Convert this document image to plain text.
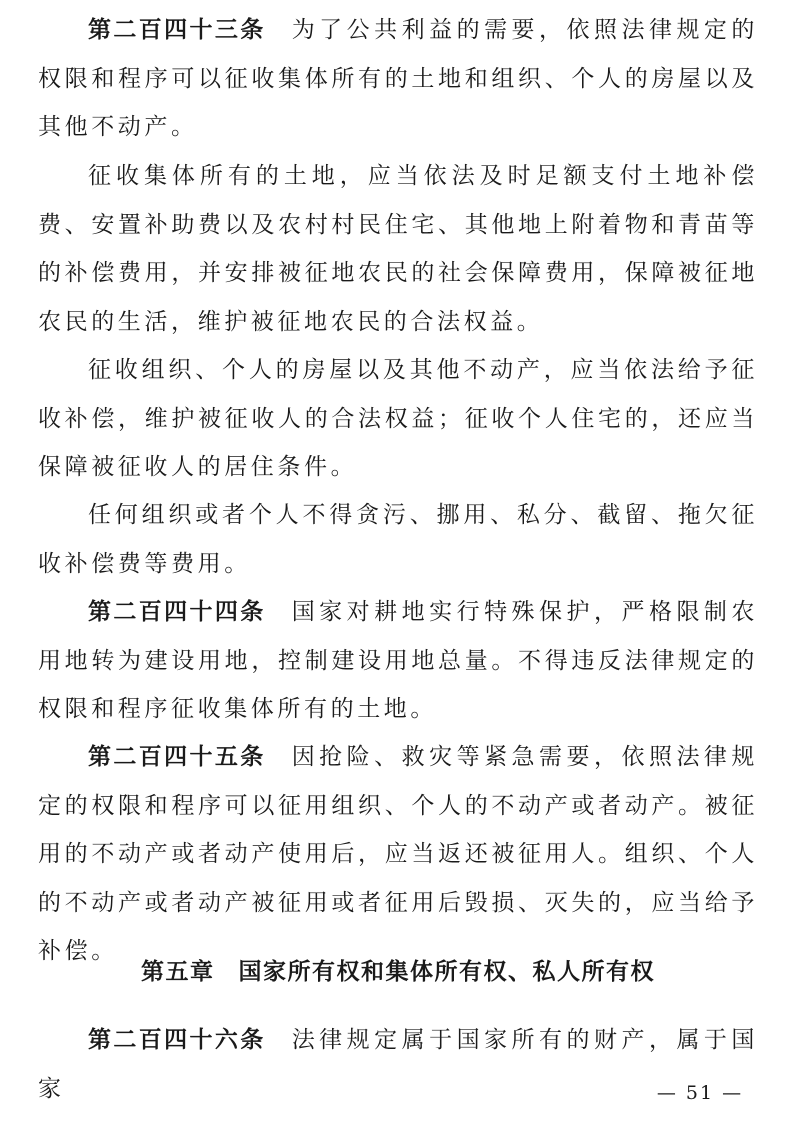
第二百四十三条 为了公共利益的需要，依照法律规定的权限和程序可以征收集体所有的土地和组织、个人的房屋以及其他不动产。

征收集体所有的土地，应当依法及时足额支付土地补偿费、安置补助费以及农村村民住宅、其他地上附着物和青苗等的补偿费用，并安排被征地农民的社会保障费用，保障被征地农民的生活，维护被征地农民的合法权益。

征收组织、个人的房屋以及其他不动产，应当依法给予征收补偿，维护被征收人的合法权益；征收个人住宅的，还应当保障被征收人的居住条件。

任何组织或者个人不得贪污、挪用、私分、截留、拖欠征收补偿费等费用。

第二百四十四条 国家对耕地实行特殊保护，严格限制农用地转为建设用地，控制建设用地总量。不得违反法律规定的权限和程序征收集体所有的土地。

第二百四十五条 因抢险、救灾等紧急需要，依照法律规定的权限和程序可以征用组织、个人的不动产或者动产。被征用的不动产或者动产使用后，应当返还被征用人。组织、个人的不动产或者动产被征用或者征用后毁损、灭失的，应当给予补偿。

第五章 国家所有权和集体所有权、私人所有权

第二百四十六条 法律规定属于国家所有的财产，属于国家	— 51 —
